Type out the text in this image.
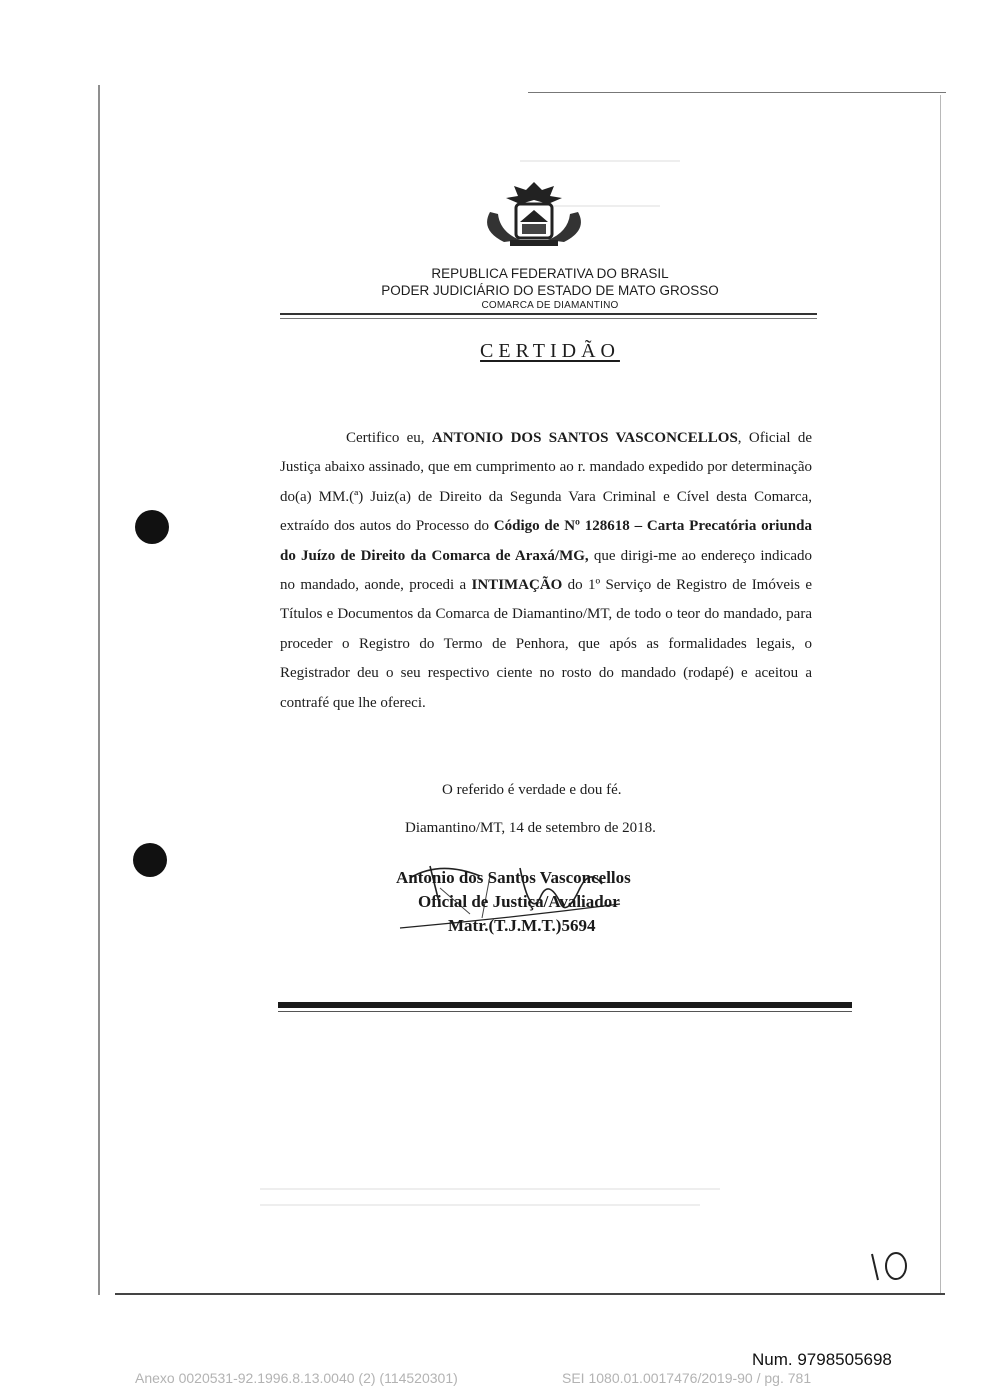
REPUBLICA FEDERATIVA DO BRASIL
PODER JUDICIÁRIO DO ESTADO DE MATO GROSSO
COMARCA DE DIAMANTINO
CERTIDÃO

Certifico eu, ANTONIO DOS SANTOS VASCONCELLOS, Oficial de Justiça abaixo assinado, que em cumprimento ao r. mandado expedido por determinação do(a) MM.(ª) Juiz(a) de Direito da Segunda Vara Criminal e Cível desta Comarca, extraído dos autos do Processo do Código de Nº 128618 – Carta Precatória oriunda do Juízo de Direito da Comarca de Araxá/MG, que dirigi-me ao endereço indicado no mandado, aonde, procedi a INTIMAÇÃO do 1º Serviço de Registro de Imóveis e Títulos e Documentos da Comarca de Diamantino/MT, de todo o teor do mandado, para proceder o Registro do Termo de Penhora, que após as formalidades legais, o Registrador deu o seu respectivo ciente no rosto do mandado (rodapé) e aceitou a contrafé que lhe ofereci.

O referido é verdade e dou fé.
Diamantino/MT, 14 de setembro de 2018.
Antonio dos Santos Vasconcellos
Oficial de Justiça/Avaliador
Matr.(T.J.M.T.)5694
10
Num. 9798505698
Anexo 0020531-92.1996.8.13.0040 (2) (114520301)	SEI 1080.01.0017476/2019-90 / pg. 781
